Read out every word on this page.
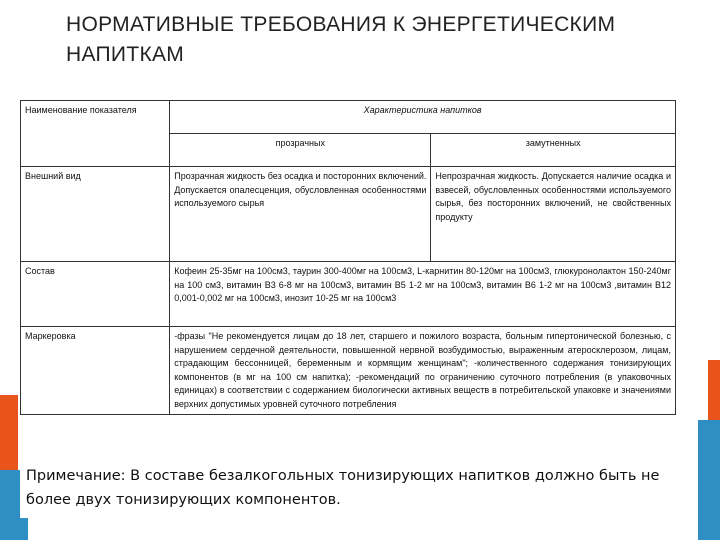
НОРМАТИВНЫЕ ТРЕБОВАНИЯ К ЭНЕРГЕТИЧЕСКИМ НАПИТКАМ
Наименование показателя	Характеристика напитков	
	прозрачных	замутненных
Внешний вид	Прозрачная жидкость без осадка и посторонних включений. Допускается опалесценция, обусловленная особенностями используемого сырья	Непрозрачная жидкость. Допускается наличие осадка и взвесей, обусловленных особенностями используемого сырья, без посторонних включений, не свойственных продукту
Состав	Кофеин 25-35мг на 100см3, таурин 300-400мг на 100см3, L-карнитин 80-120мг на 100см3, глюкуронолактон 150-240мг на 100 см3, витамин В3 6-8 мг на 100см3, витамин В5 1-2 мг на 100см3, витамин В6 1-2 мг на 100см3 ,витамин В12 0,001-0,002 мг на 100см3, инозит 10-25 мг на 100см3	
Маркеровка	-фразы "Не рекомендуется лицам до 18 лет, старшего и пожилого возраста, больным гипертонической болезнью, с нарушением сердечной деятельности, повышенной нервной возбудимостью, выраженным атеросклерозом, лицам, страдающим бессонницей, беременным и кормящим женщинам"; -количественного содержания тонизирующих компонентов (в мг на 100 см напитка); -рекомендаций по ограничению суточного потребления (в упаковочных единицах) в соответствии с содержанием биологически активных веществ в потребительской упаковке и значениями верхних допустимых уровней суточного потребления	
Примечание: В составе безалкогольных тонизирующих напитков должно быть не более двух тонизирующих компонентов.
